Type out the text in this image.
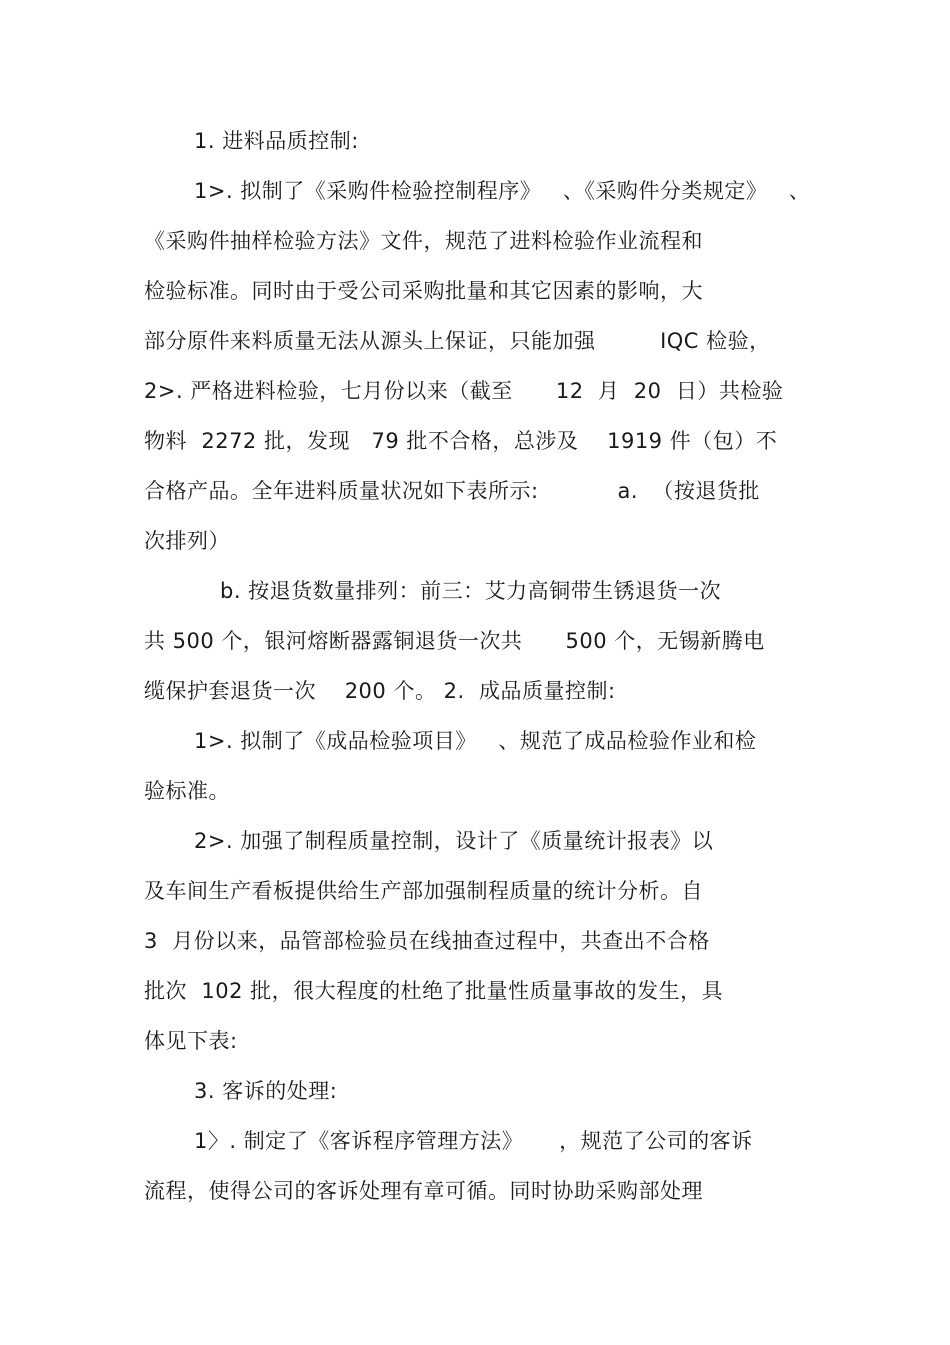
1. 进料品质控制:
1>. 拟制了《采购件检验控制程序》   、《采购件分类规定》   、
《采购件抽样检验方法》文件，规范了进料检验作业流程和
检验标准。同时由于受公司采购批量和其它因素的影响，大
部分原件来料质量无法从源头上保证，只能加强         IQC 检验，
2>. 严格进料检验，七月份以来（截至      12  月  20  日）共检验
物料  2272 批，发现   79 批不合格，总涉及    1919 件（包）不
合格产品。全年进料质量状况如下表所示:           a.  （按退货批
次排列）
b. 按退货数量排列：前三：艾力高铜带生锈退货一次
共 500 个，银河熔断器露铜退货一次共      500 个，无锡新腾电
缆保护套退货一次    200 个。 2.  成品质量控制:
1>. 拟制了《成品检验项目》   、规范了成品检验作业和检
验标准。
2>. 加强了制程质量控制，设计了《质量统计报表》以
及车间生产看板提供给生产部加强制程质量的统计分析。自
3  月份以来，品管部检验员在线抽查过程中，共查出不合格
批次  102 批，很大程度的杜绝了批量性质量事故的发生，具
体见下表:
3. 客诉的处理:
1〉. 制定了《客诉程序管理方法》     ，规范了公司的客诉
流程，使得公司的客诉处理有章可循。同时协助采购部处理
